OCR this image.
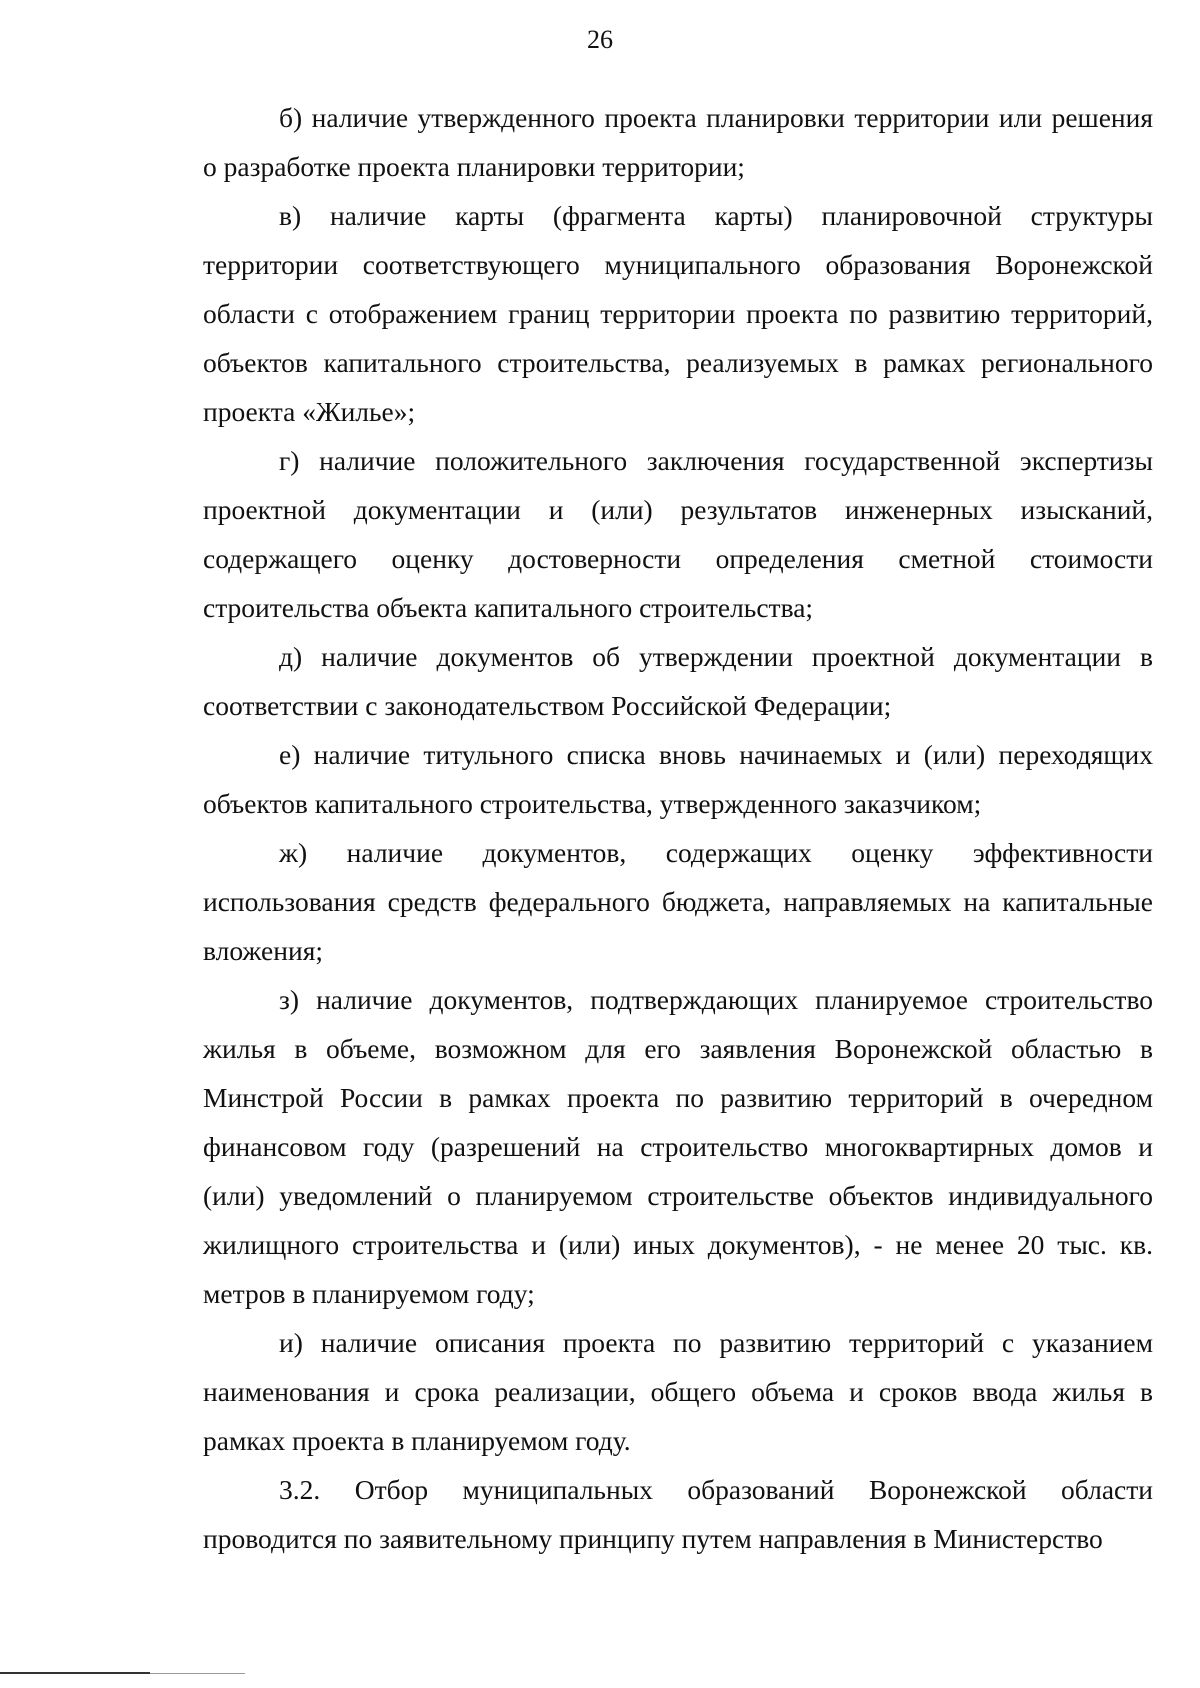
26

б) наличие утвержденного проекта планировки территории или решения о разработке проекта планировки территории;

в) наличие карты (фрагмента карты) планировочной структуры территории соответствующего муниципального образования Воронежской области с отображением границ территории проекта по развитию территорий, объектов капитального строительства, реализуемых в рамках регионального проекта «Жилье»;

г) наличие положительного заключения государственной экспертизы проектной документации и (или) результатов инженерных изысканий, содержащего оценку достоверности определения сметной стоимости строительства объекта капитального строительства;

д) наличие документов об утверждении проектной документации в соответствии с законодательством Российской Федерации;

е) наличие титульного списка вновь начинаемых и (или) переходящих объектов капитального строительства, утвержденного заказчиком;

ж) наличие документов, содержащих оценку эффективности использования средств федерального бюджета, направляемых на капитальные вложения;

з) наличие документов, подтверждающих планируемое строительство жилья в объеме, возможном для его заявления Воронежской областью в Минстрой России в рамках проекта по развитию территорий в очередном финансовом году (разрешений на строительство многоквартирных домов и (или) уведомлений о планируемом строительстве объектов индивидуального жилищного строительства и (или) иных документов), - не менее 20 тыс. кв. метров в планируемом году;

и) наличие описания проекта по развитию территорий с указанием наименования и срока реализации, общего объема и сроков ввода жилья в рамках проекта в планируемом году.

3.2. Отбор муниципальных образований Воронежской области проводится по заявительному принципу путем направления в Министерство
